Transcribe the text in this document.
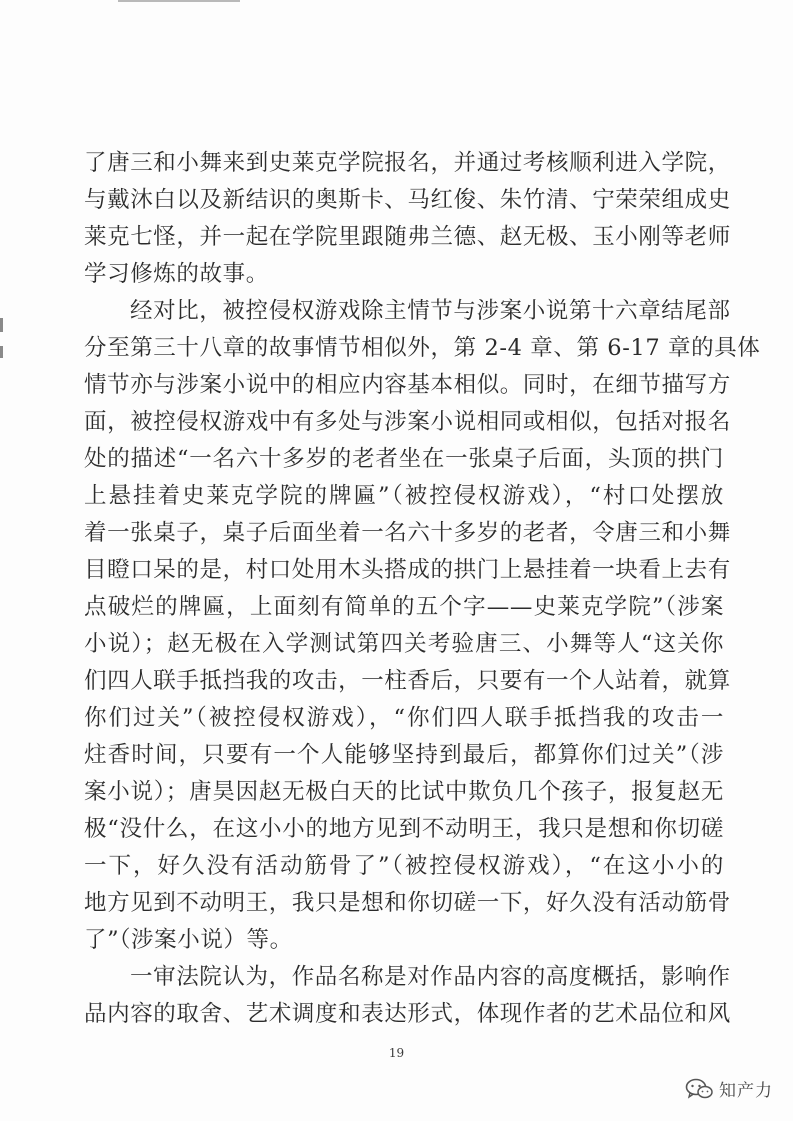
了唐三和小舞来到史莱克学院报名，并通过考核顺利进入学院，
与戴沐白以及新结识的奥斯卡、马红俊、朱竹清、宁荣荣组成史
莱克七怪，并一起在学院里跟随弗兰德、赵无极、玉小刚等老师
学习修炼的故事。
经对比，被控侵权游戏除主情节与涉案小说第十六章结尾部
分至第三十八章的故事情节相似外，第 2-4 章、第 6-17 章的具体
情节亦与涉案小说中的相应内容基本相似。同时，在细节描写方
面，被控侵权游戏中有多处与涉案小说相同或相似，包括对报名
处的描述“一名六十多岁的老者坐在一张桌子后面，头顶的拱门
上悬挂着史莱克学院的牌匾”（被控侵权游戏），“村口处摆放
着一张桌子，桌子后面坐着一名六十多岁的老者，令唐三和小舞
目瞪口呆的是，村口处用木头搭成的拱门上悬挂着一块看上去有
点破烂的牌匾，上面刻有简单的五个字——史莱克学院”（涉案
小说）；赵无极在入学测试第四关考验唐三、小舞等人“这关你
们四人联手抵挡我的攻击，一柱香后，只要有一个人站着，就算
你们过关”（被控侵权游戏），“你们四人联手抵挡我的攻击一
炷香时间，只要有一个人能够坚持到最后，都算你们过关”（涉
案小说）；唐昊因赵无极白天的比试中欺负几个孩子，报复赵无
极“没什么，在这小小的地方见到不动明王，我只是想和你切磋
一下，好久没有活动筋骨了”（被控侵权游戏），“在这小小的
地方见到不动明王，我只是想和你切磋一下，好久没有活动筋骨
了”（涉案小说）等。
一审法院认为，作品名称是对作品内容的高度概括，影响作
品内容的取舍、艺术调度和表达形式，体现作者的艺术品位和风
19
知产力
